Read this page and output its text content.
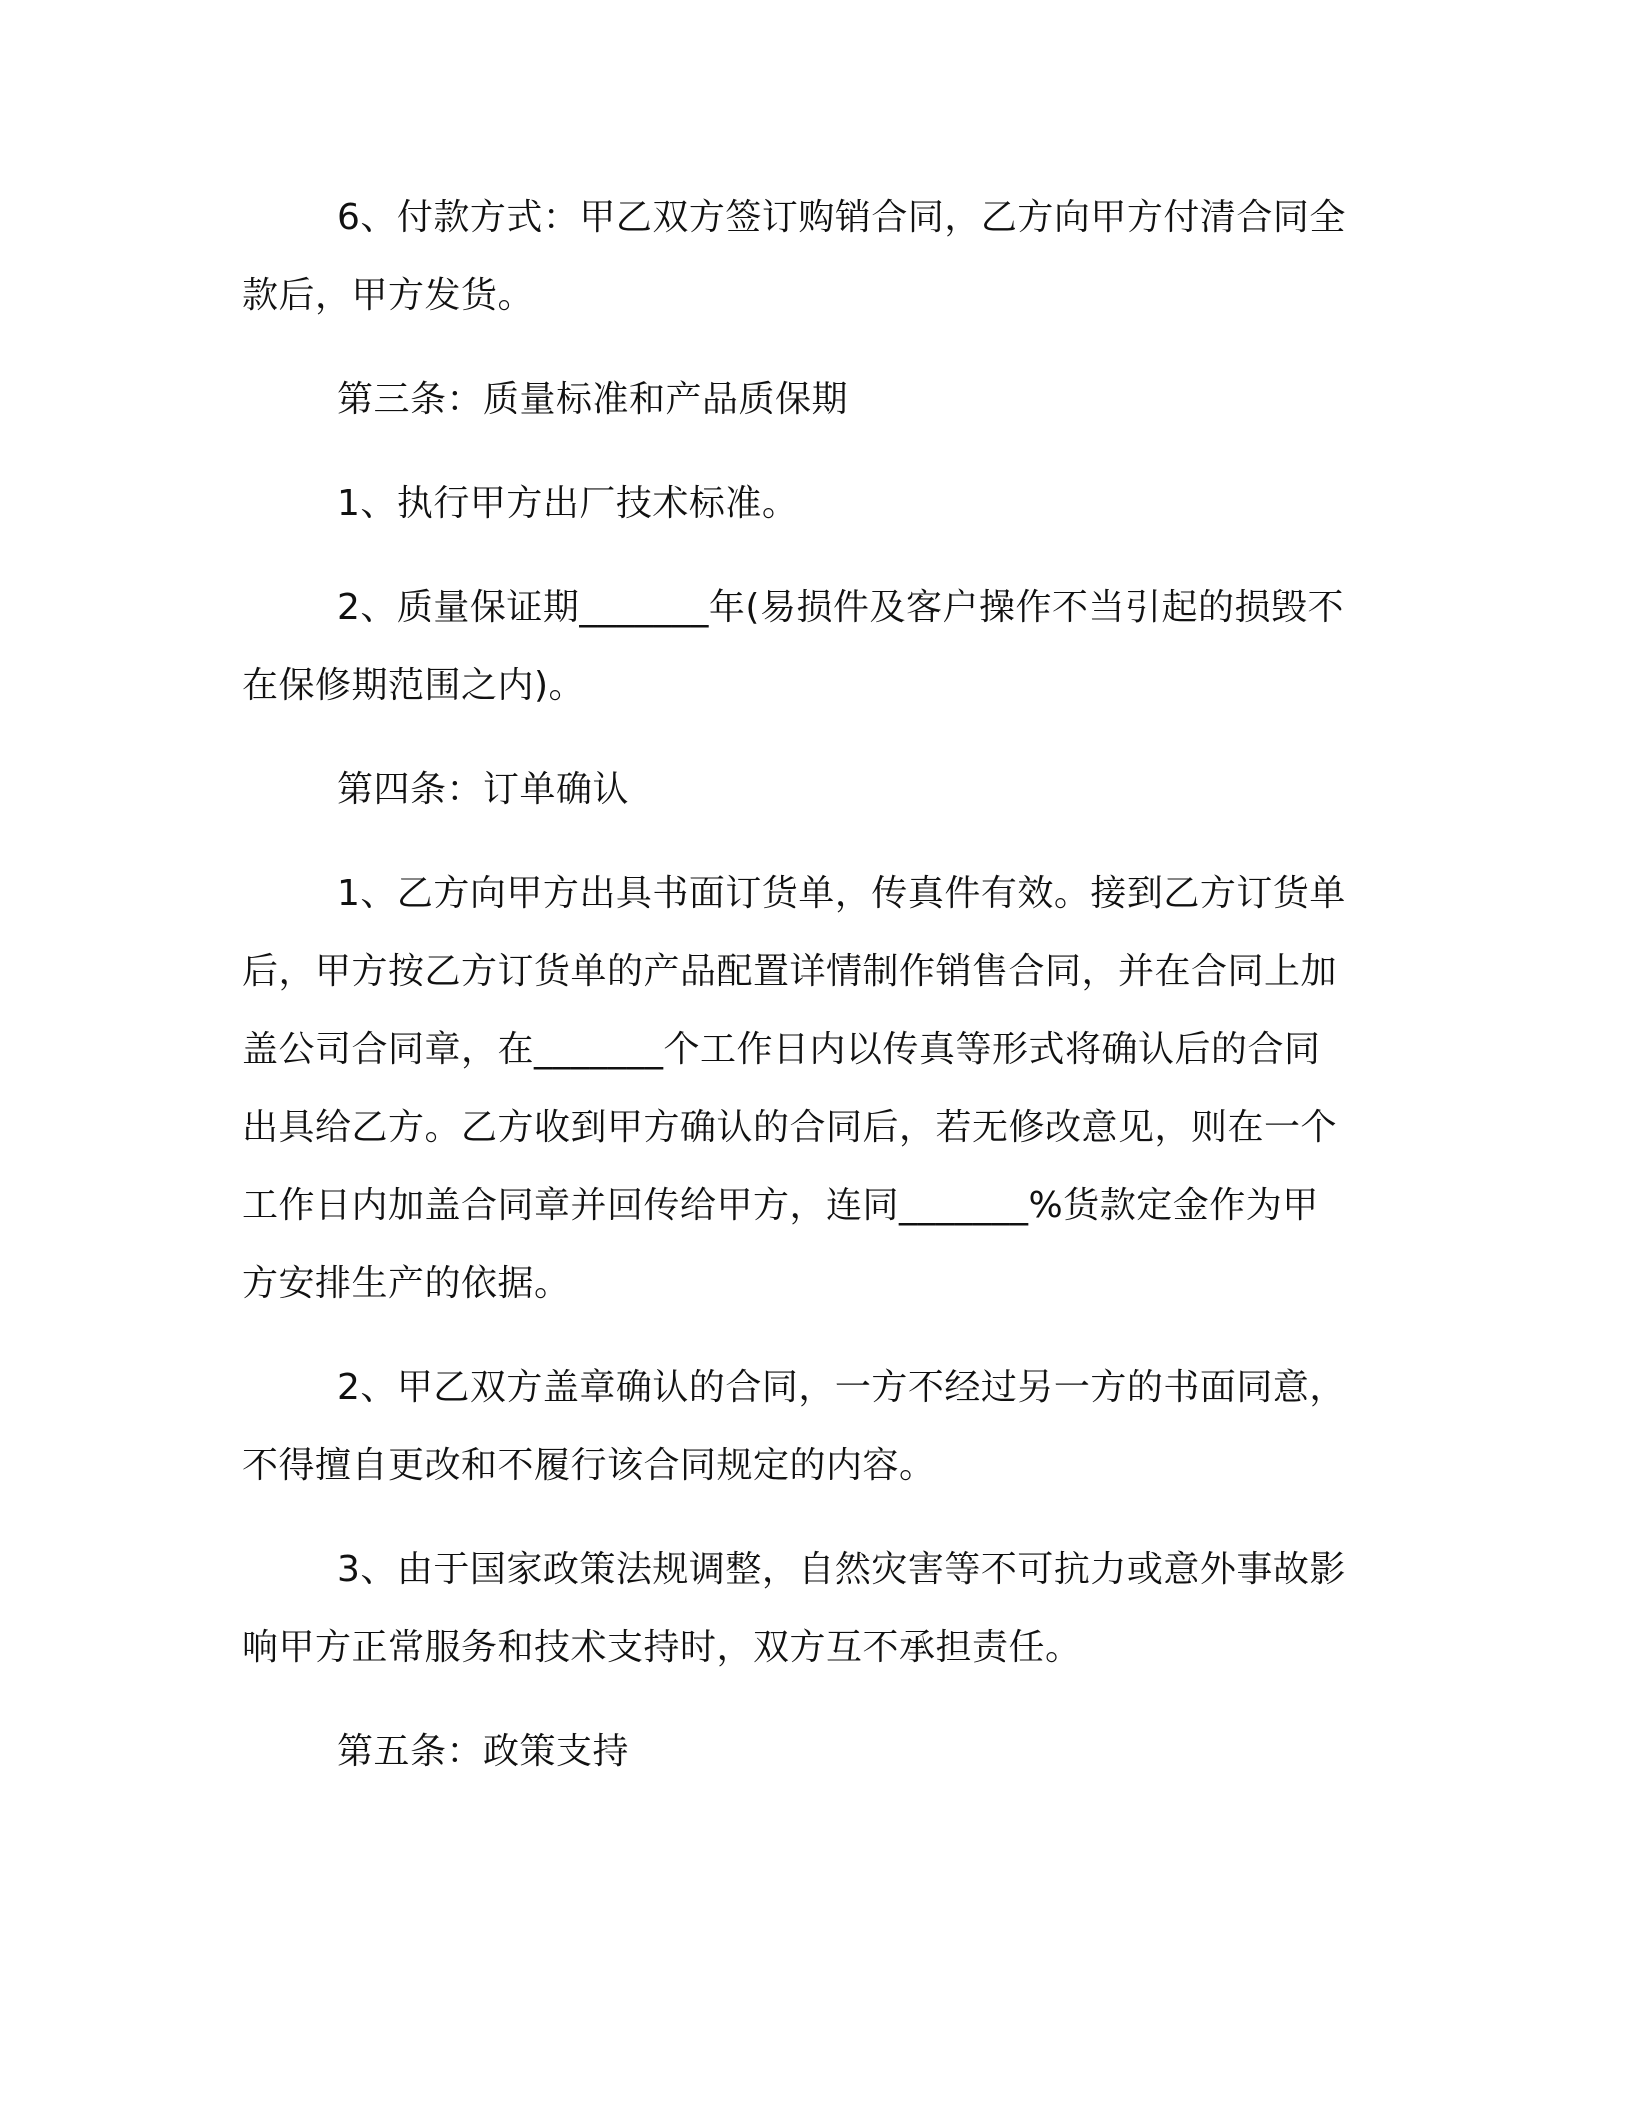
6、付款方式：甲乙双方签订购销合同，乙方向甲方付清合同全
款后，甲方发货。
第三条：质量标准和产品质保期
1、执行甲方出厂技术标准。
2、质量保证期_______年(易损件及客户操作不当引起的损毁不
在保修期范围之内)。
第四条：订单确认
1、乙方向甲方出具书面订货单，传真件有效。接到乙方订货单
后，甲方按乙方订货单的产品配置详情制作销售合同，并在合同上加
盖公司合同章，在_______个工作日内以传真等形式将确认后的合同
出具给乙方。乙方收到甲方确认的合同后，若无修改意见，则在一个
工作日内加盖合同章并回传给甲方，连同_______%货款定金作为甲
方安排生产的依据。
2、甲乙双方盖章确认的合同，一方不经过另一方的书面同意，
不得擅自更改和不履行该合同规定的内容。
3、由于国家政策法规调整，自然灾害等不可抗力或意外事故影
响甲方正常服务和技术支持时，双方互不承担责任。
第五条：政策支持
